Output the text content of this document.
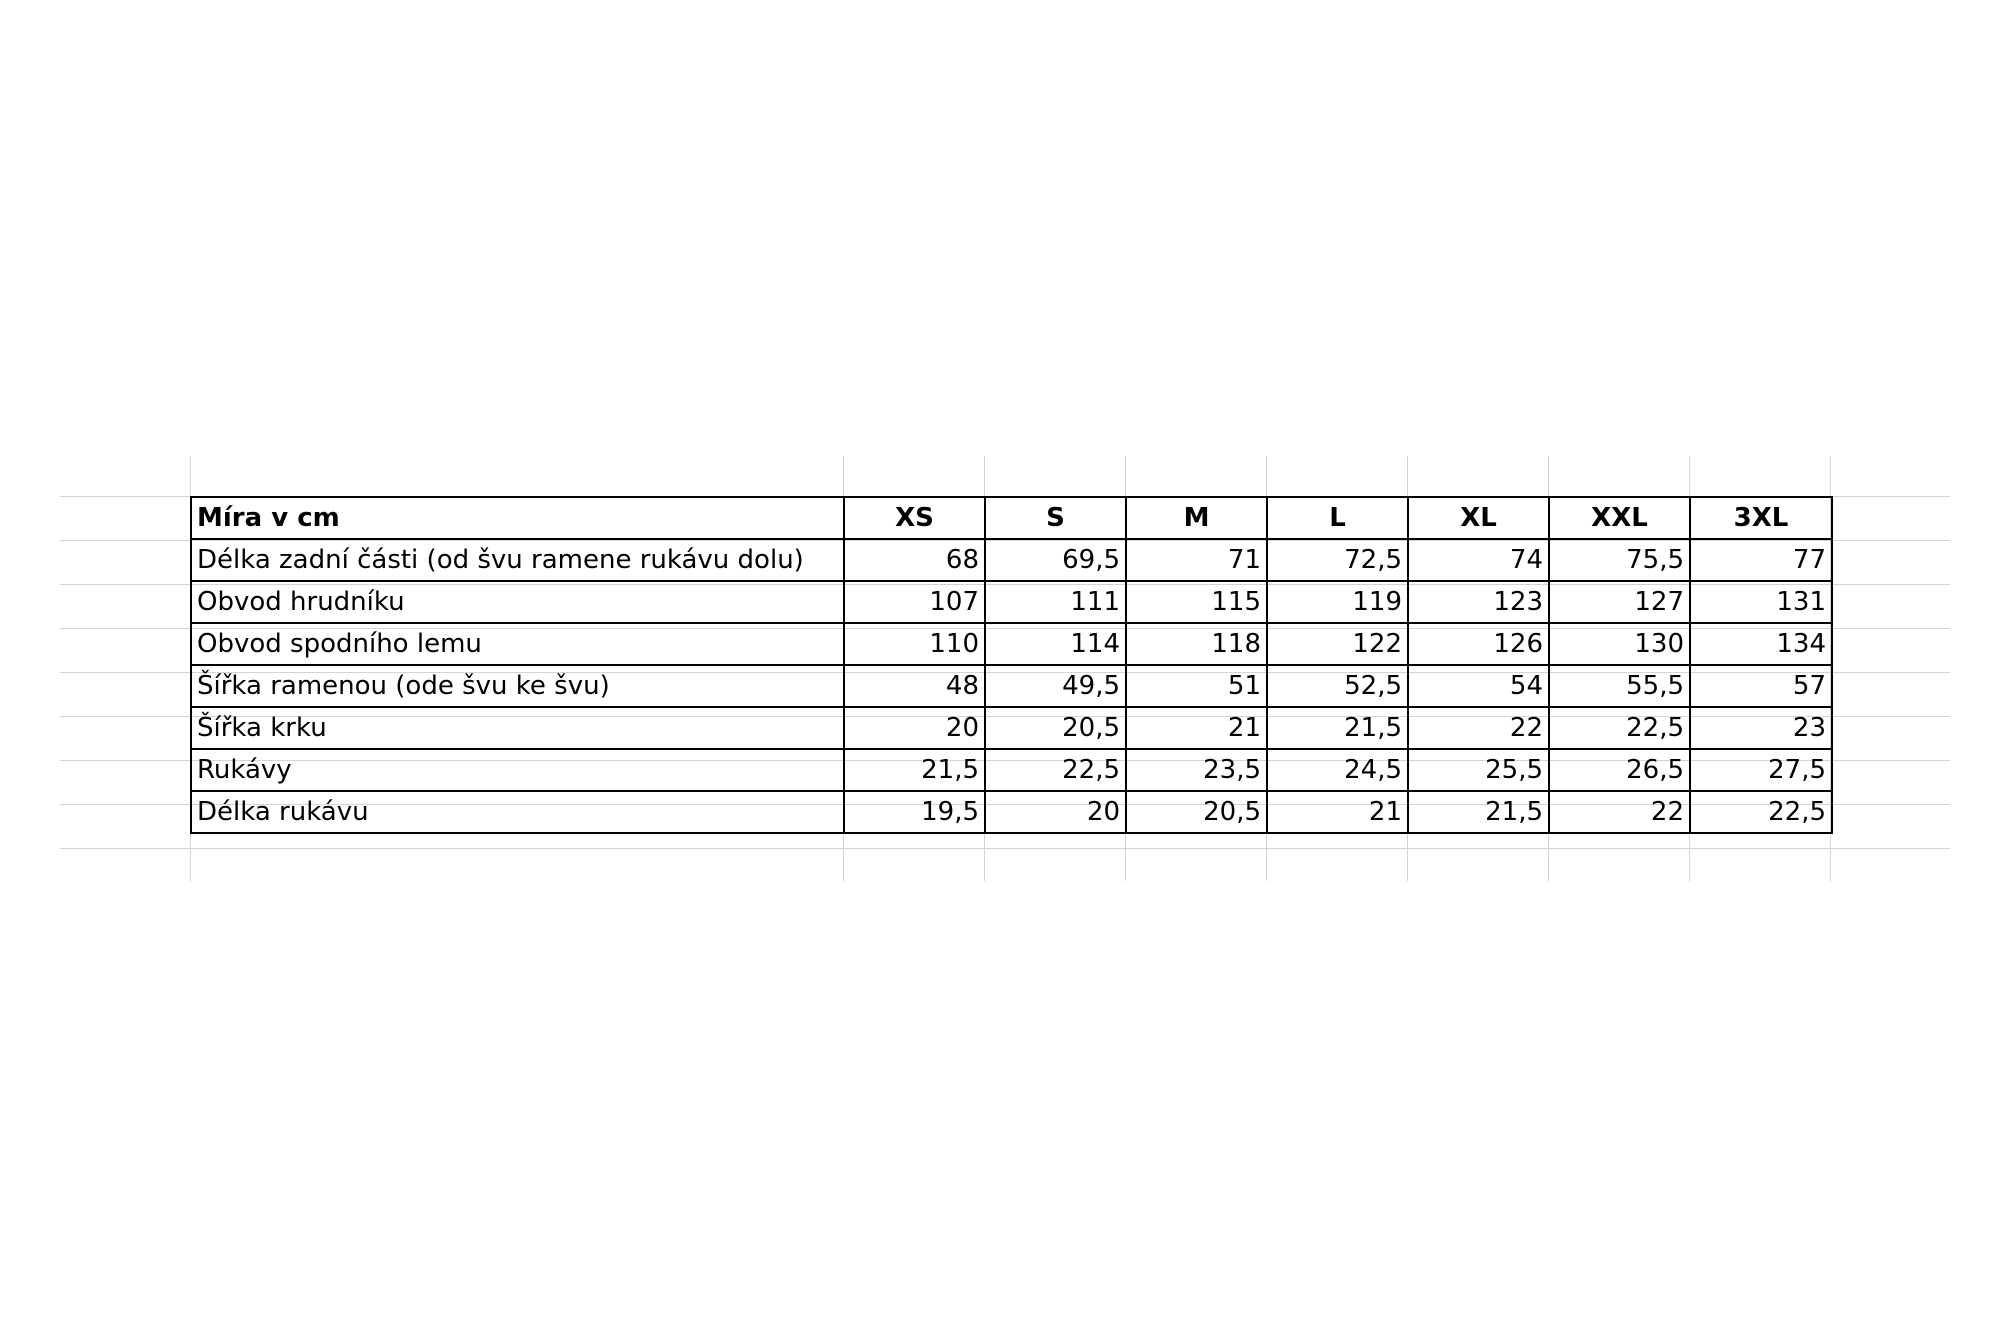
Míra v cm	XS	S	M	L	XL	XXL	3XL
Délka zadní části (od švu ramene rukávu dolu)	68	69,5	71	72,5	74	75,5	77
Obvod hrudníku	107	111	115	119	123	127	131
Obvod spodního lemu	110	114	118	122	126	130	134
Šířka ramenou (ode švu ke švu)	48	49,5	51	52,5	54	55,5	57
Šířka krku	20	20,5	21	21,5	22	22,5	23
Rukávy	21,5	22,5	23,5	24,5	25,5	26,5	27,5
Délka rukávu	19,5	20	20,5	21	21,5	22	22,5
